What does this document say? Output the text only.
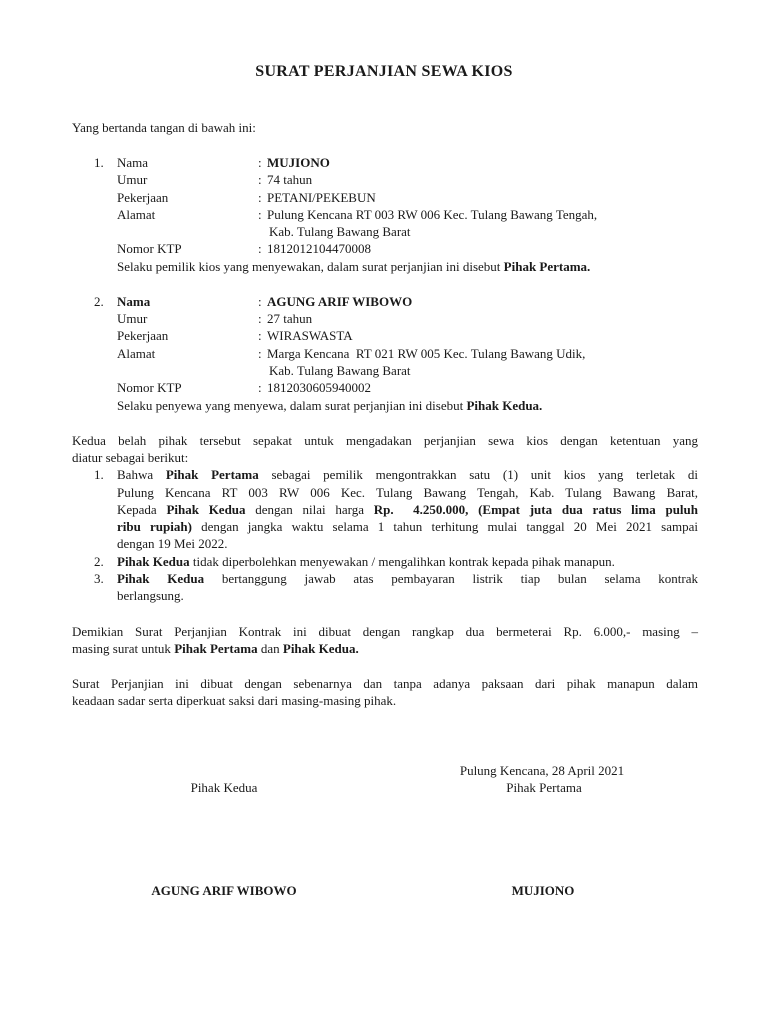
SURAT PERJANJIAN SEWA KIOS
Yang bertanda tangan di bawah ini:
1.	Nama	: MUJIONO
Umur	: 74 tahun
Pekerjaan	: PETANI/PEKEBUN
Alamat	: Pulung Kencana RT 003 RW 006 Kec. Tulang Bawang Tengah,
Kab. Tulang Bawang Barat
Nomor KTP	: 1812012104470008
Selaku pemilik kios yang menyewakan, dalam surat perjanjian ini disebut Pihak Pertama.
2.	Nama	: AGUNG ARIF WIBOWO
Umur	: 27 tahun
Pekerjaan	: WIRASWASTA
Alamat	: Marga Kencana  RT 021 RW 005 Kec. Tulang Bawang Udik,
Kab. Tulang Bawang Barat
Nomor KTP	: 1812030605940002
Selaku penyewa yang menyewa, dalam surat perjanjian ini disebut Pihak Kedua.
Kedua belah pihak tersebut sepakat untuk mengadakan perjanjian sewa kios dengan ketentuan yang
diatur sebagai berikut:
1.	Bahwa Pihak Pertama sebagai pemilik mengontrakkan satu (1) unit kios yang terletak di
Pulung Kencana RT 003 RW 006 Kec. Tulang Bawang Tengah, Kab. Tulang Bawang Barat,
Kepada Pihak Kedua dengan nilai harga Rp.  4.250.000, (Empat juta dua ratus lima puluh
ribu rupiah) dengan jangka waktu selama 1 tahun terhitung mulai tanggal 20 Mei 2021 sampai
dengan 19 Mei 2022.
2.	Pihak Kedua tidak diperbolehkan menyewakan / mengalihkan kontrak kepada pihak manapun.
3.	Pihak Kedua bertanggung jawab atas pembayaran listrik tiap bulan selama kontrak
berlangsung.
Demikian Surat Perjanjian Kontrak ini dibuat dengan rangkap dua bermeterai Rp. 6.000,- masing –
masing surat untuk Pihak Pertama dan Pihak Kedua.
Surat Perjanjian ini dibuat dengan sebenarnya dan tanpa adanya paksaan dari pihak manapun dalam
keadaan sadar serta diperkuat saksi dari masing-masing pihak.
Pulung Kencana, 28 April 2021
Pihak Kedua	Pihak Pertama
AGUNG ARIF WIBOWO	MUJIONO
